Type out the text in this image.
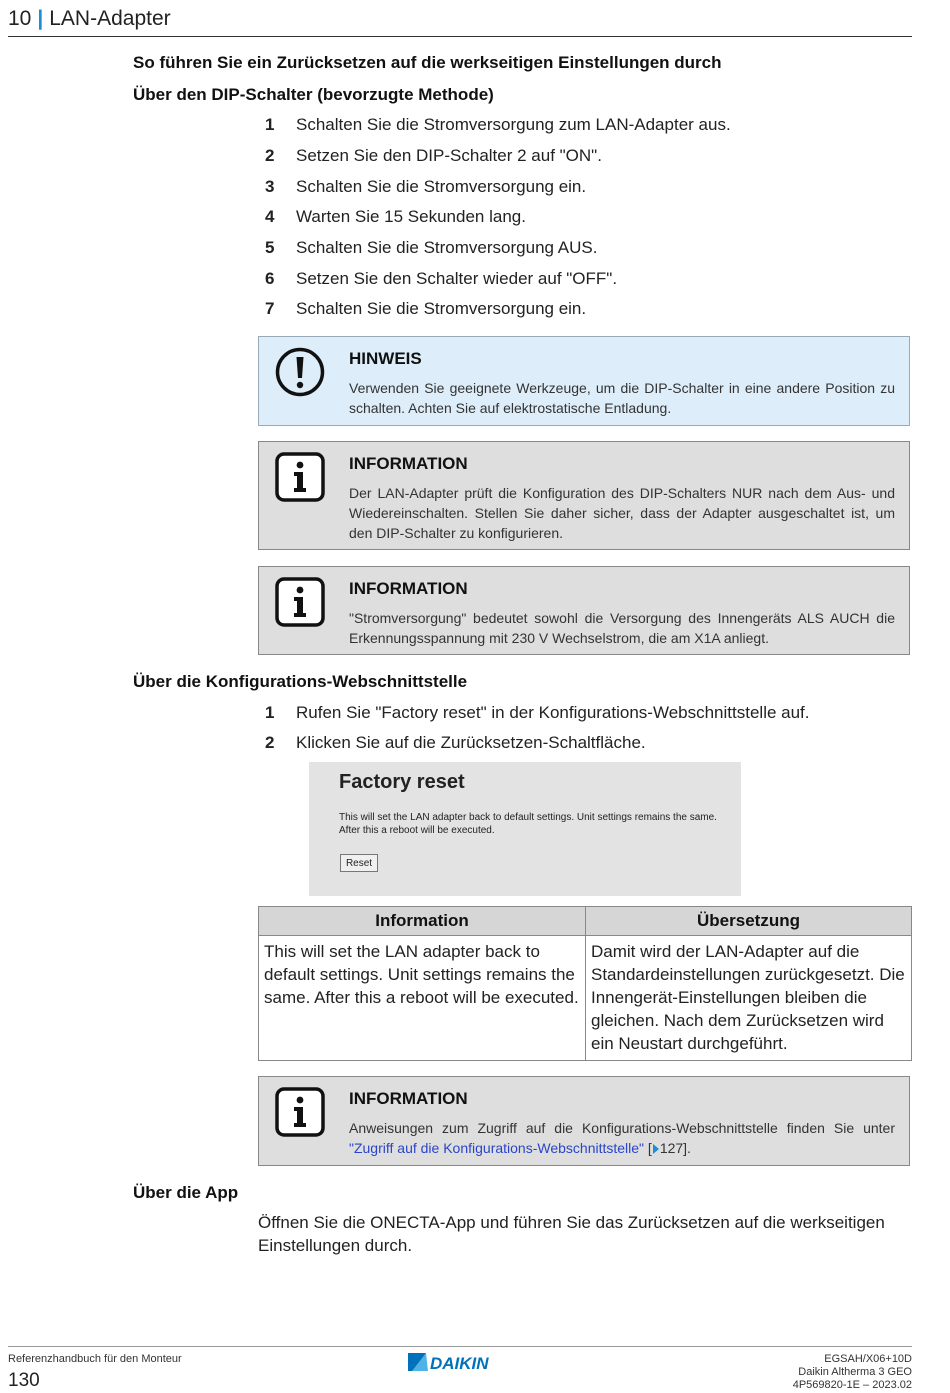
10 | LAN-Adapter
So führen Sie ein Zurücksetzen auf die werkseitigen Einstellungen durch
Über den DIP-Schalter (bevorzugte Methode)
1 Schalten Sie die Stromversorgung zum LAN-Adapter aus.
2 Setzen Sie den DIP-Schalter 2 auf "ON".
3 Schalten Sie die Stromversorgung ein.
4 Warten Sie 15 Sekunden lang.
5 Schalten Sie die Stromversorgung AUS.
6 Setzen Sie den Schalter wieder auf "OFF".
7 Schalten Sie die Stromversorgung ein.
HINWEIS
Verwenden Sie geeignete Werkzeuge, um die DIP-Schalter in eine andere Position zu schalten. Achten Sie auf elektrostatische Entladung.
INFORMATION
Der LAN-Adapter prüft die Konfiguration des DIP-Schalters NUR nach dem Aus- und Wiedereinschalten. Stellen Sie daher sicher, dass der Adapter ausgeschaltet ist, um den DIP-Schalter zu konfigurieren.
INFORMATION
"Stromversorgung" bedeutet sowohl die Versorgung des Innengeräts ALS AUCH die Erkennungsspannung mit 230 V Wechselstrom, die am X1A anliegt.
Über die Konfigurations-Webschnittstelle
1 Rufen Sie "Factory reset" in der Konfigurations-Webschnittstelle auf.
2 Klicken Sie auf die Zurücksetzen-Schaltfläche.
Factory reset
This will set the LAN adapter back to default settings. Unit settings remains the same.
After this a reboot will be executed.
Reset
Information	Übersetzung
This will set the LAN adapter back to default settings. Unit settings remains the same. After this a reboot will be executed.	Damit wird der LAN-Adapter auf die Standardeinstellungen zurückgesetzt. Die Innengerät-Einstellungen bleiben die gleichen. Nach dem Zurücksetzen wird ein Neustart durchgeführt.
INFORMATION
Anweisungen zum Zugriff auf die Konfigurations-Webschnittstelle finden Sie unter "Zugriff auf die Konfigurations-Webschnittstelle" [ 127].
Über die App
Öffnen Sie die ONECTA-App und führen Sie das Zurücksetzen auf die werkseitigen Einstellungen durch.
Referenzhandbuch für den Monteur
130
DAIKIN	EGSAH/X06+10D
Daikin Altherma 3 GEO
4P569820-1E – 2023.02
